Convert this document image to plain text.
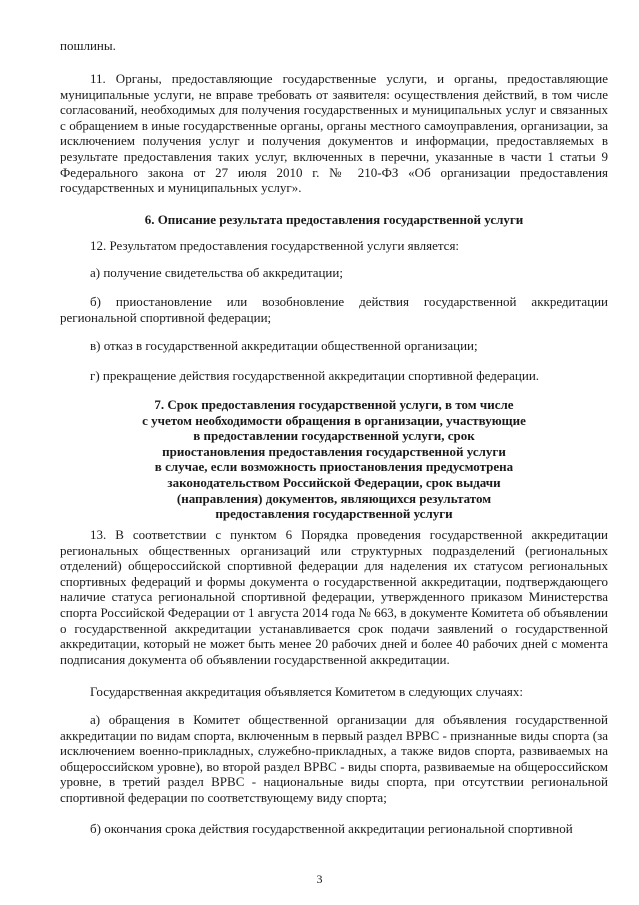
пошлины.

11. Органы, предоставляющие государственные услуги, и органы, предоставляющие муниципальные услуги, не вправе требовать от заявителя: осуществления действий, в том числе согласований, необходимых для получения государственных и муниципальных услуг и связанных с обращением в иные государственные органы, органы местного самоуправления, организации, за исключением получения услуг и получения документов и информации, предоставляемых в результате предоставления таких услуг, включенных в перечни, указанные в части 1 статьи 9 Федерального закона от 27 июля 2010 г. № 210-ФЗ «Об организации предоставления государственных и муниципальных услуг».

6. Описание результата предоставления государственной услуги

12. Результатом предоставления государственной услуги является:

а) получение свидетельства об аккредитации;

б) приостановление или возобновление действия государственной аккредитации региональной спортивной федерации;

в) отказ в государственной аккредитации общественной организации;

г) прекращение действия государственной аккредитации спортивной федерации.

7. Срок предоставления государственной услуги, в том числе
с учетом необходимости обращения в организации, участвующие
в предоставлении государственной услуги, срок
приостановления предоставления государственной услуги
в случае, если возможность приостановления предусмотрена
законодательством Российской Федерации, срок выдачи
(направления) документов, являющихся результатом
предоставления государственной услуги

13. В соответствии с пунктом 6 Порядка проведения государственной аккредитации региональных общественных организаций или структурных подразделений (региональных отделений) общероссийской спортивной федерации для наделения их статусом региональных спортивных федераций и формы документа о государственной аккредитации, подтверждающего наличие статуса региональной спортивной федерации, утвержденного приказом Министерства спорта Российской Федерации от 1 августа 2014 года № 663, в документе Комитета об объявлении о государственной аккредитации устанавливается срок подачи заявлений о государственной аккредитации, который не может быть менее 20 рабочих дней и более 40 рабочих дней с момента подписания документа об объявлении государственной аккредитации.

Государственная аккредитация объявляется Комитетом в следующих случаях:

а) обращения в Комитет общественной организации для объявления государственной аккредитации по видам спорта, включенным в первый раздел ВРВС - признанные виды спорта (за исключением военно-прикладных, служебно-прикладных, а также видов спорта, развиваемых на общероссийском уровне), во второй раздел ВРВС - виды спорта, развиваемые на общероссийском уровне, в третий раздел ВРВС - национальные виды спорта, при отсутствии региональной спортивной федерации по соответствующему виду спорта;

б) окончания срока действия государственной аккредитации региональной спортивной

3
